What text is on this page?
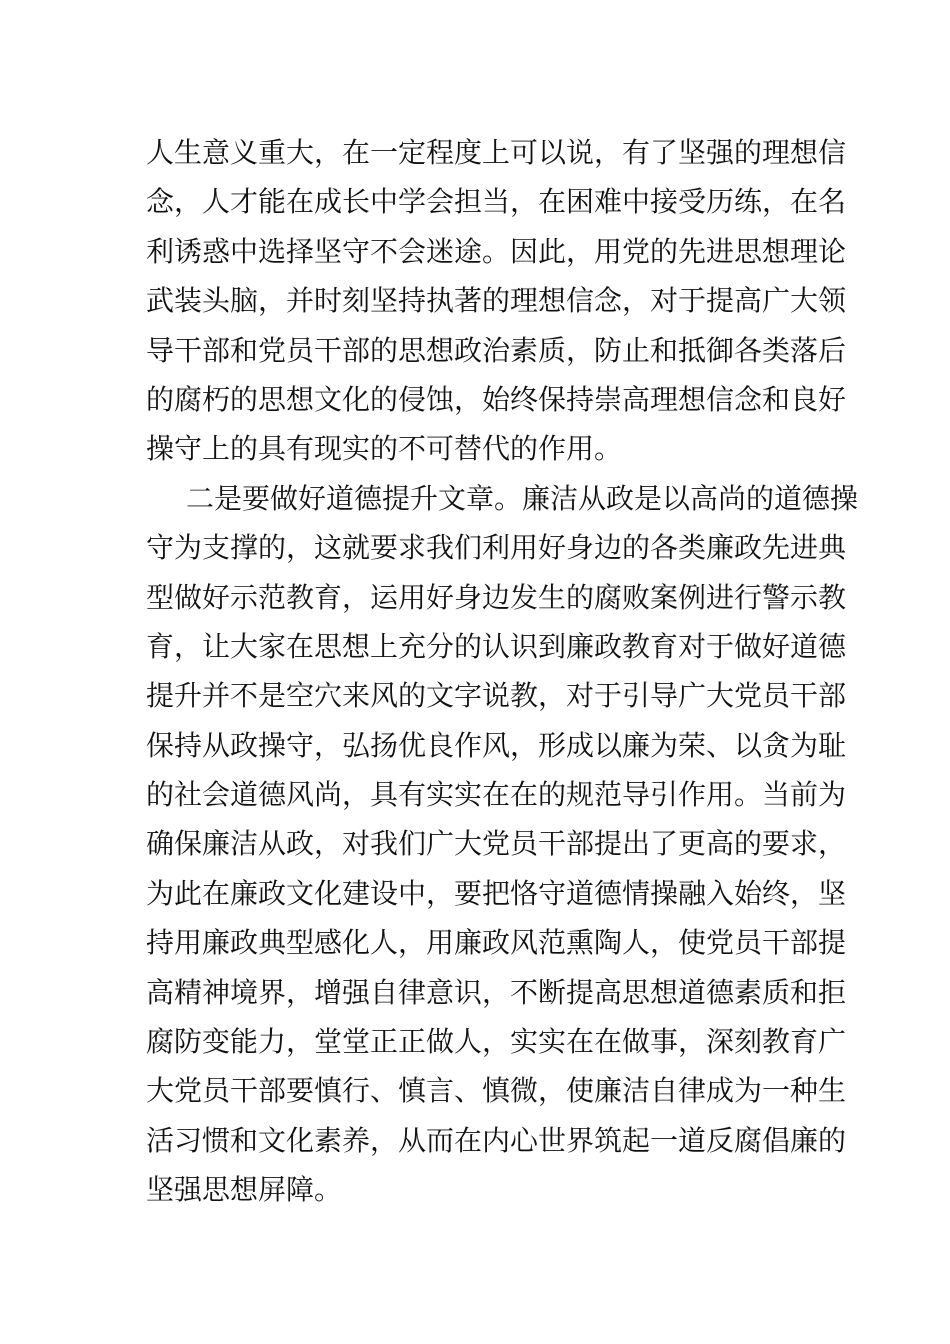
人生意义重大，在一定程度上可以说，有了坚强的理想信
念，人才能在成长中学会担当，在困难中接受历练，在名
利诱惑中选择坚守不会迷途。因此，用党的先进思想理论
武装头脑，并时刻坚持执著的理想信念，对于提高广大领
导干部和党员干部的思想政治素质，防止和抵御各类落后
的腐朽的思想文化的侵蚀，始终保持崇高理想信念和良好
操守上的具有现实的不可替代的作用。
二是要做好道德提升文章。廉洁从政是以高尚的道德操
守为支撑的，这就要求我们利用好身边的各类廉政先进典
型做好示范教育，运用好身边发生的腐败案例进行警示教
育，让大家在思想上充分的认识到廉政教育对于做好道德
提升并不是空穴来风的文字说教，对于引导广大党员干部
保持从政操守，弘扬优良作风，形成以廉为荣、以贪为耻
的社会道德风尚，具有实实在在的规范导引作用。当前为
确保廉洁从政，对我们广大党员干部提出了更高的要求，
为此在廉政文化建设中，要把恪守道德情操融入始终，坚
持用廉政典型感化人，用廉政风范熏陶人，使党员干部提
高精神境界，增强自律意识，不断提高思想道德素质和拒
腐防变能力，堂堂正正做人，实实在在做事，深刻教育广
大党员干部要慎行、慎言、慎微，使廉洁自律成为一种生
活习惯和文化素养，从而在内心世界筑起一道反腐倡廉的
坚强思想屏障。
